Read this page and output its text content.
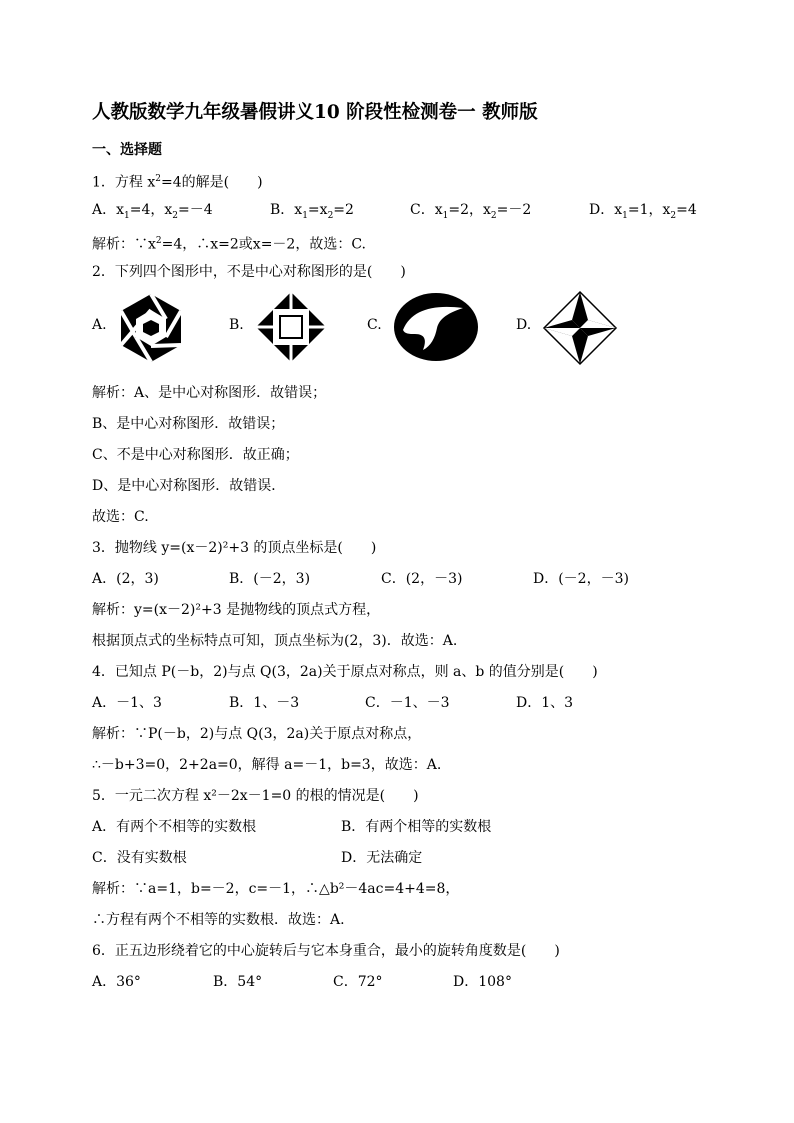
人教版数学九年级暑假讲义10 阶段性检测卷一 教师版
一、选择题
1．方程 $x^2=4$的解是(　　)
A．$x_1=4$，$x_2=-4$	B．$x_1=x_2=2$	C．$x_1=2$，$x_2=-2$	D．$x_1=1$，$x_2=4$
解析：$\because x^2=4$，∴x=2或x=－2，故选：C.
2．下列四个图形中，不是中心对称图形的是(　　)
A.	B.	C.	D.
解析：A、是中心对称图形．故错误；
B、是中心对称图形．故错误；
C、不是中心对称图形．故正确；
D、是中心对称图形．故错误．
故选：C.
3．抛物线 y=(x－2)²+3 的顶点坐标是(　　)
A．(2，3)	B．(－2，3)	C．(2，－3)	D．(－2，－3)
解析：y=(x－2)²+3 是抛物线的顶点式方程，
根据顶点式的坐标特点可知，顶点坐标为(2，3)．故选：A.
4．已知点 P(－b，2)与点 Q(3，2a)关于原点对称点，则 a、b 的值分别是(　　)
A．－1、3	B．1、－3	C．－1、－3	D．1、3
解析：∵P(－b，2)与点 Q(3，2a)关于原点对称点，
∴－b+3=0，2+2a=0，解得 a=－1，b=3，故选：A.
5．一元二次方程 x²－2x－1=0 的根的情况是(　　)
A．有两个不相等的实数根	B．有两个相等的实数根
C．没有实数根	D．无法确定
解析：∵a=1，b=－2，c=－1，∴△b²－4ac=4+4=8，
∴方程有两个不相等的实数根．故选：A.
6．正五边形绕着它的中心旋转后与它本身重合，最小的旋转角度数是(　　)
A．36°	B．54°	C．72°	D．108°
